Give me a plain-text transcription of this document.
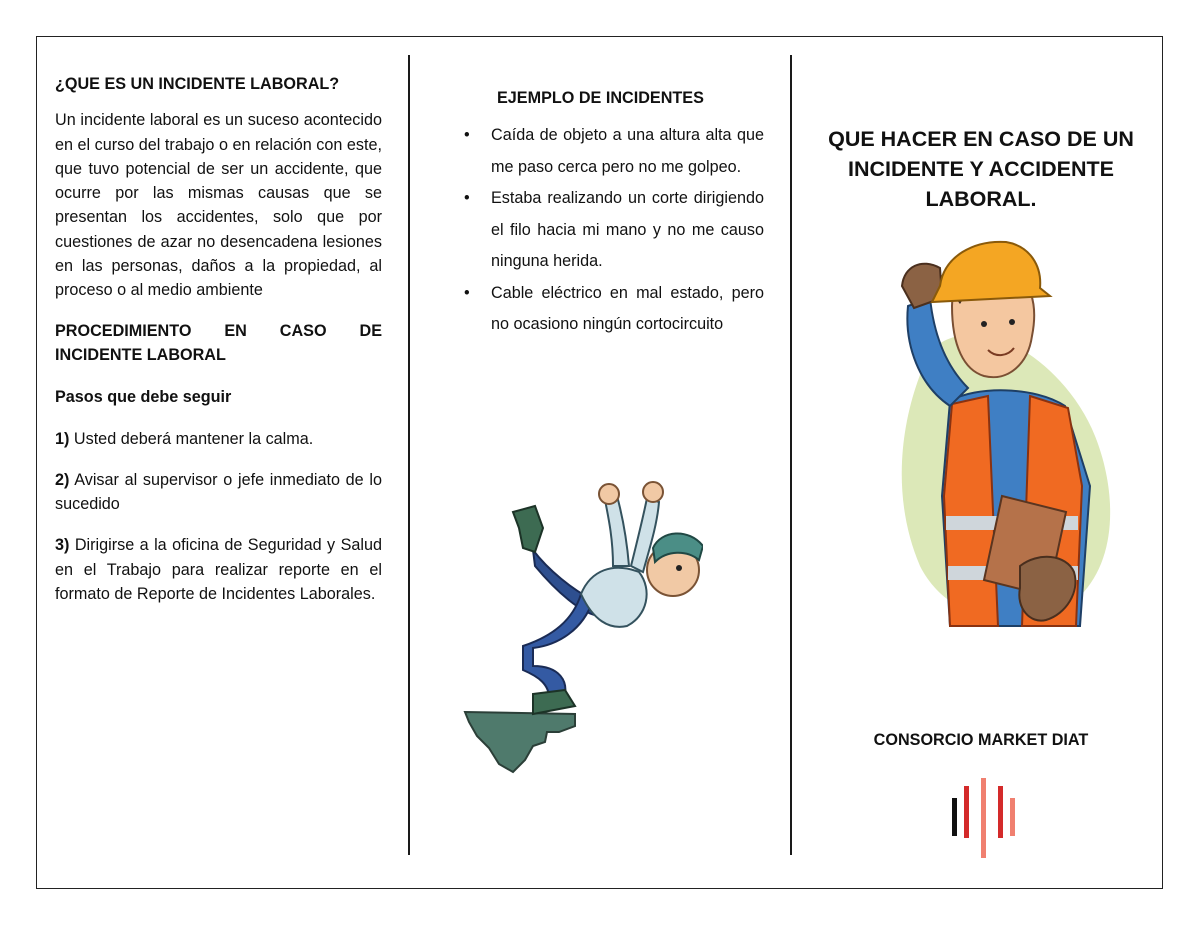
¿QUE ES UN INCIDENTE LABORAL?

Un incidente laboral es un suceso acontecido en el curso del trabajo o en relación con este, que tuvo potencial de ser un accidente, que ocurre por las mismas causas que se presentan los accidentes, solo que por cuestiones de azar no desencadena lesiones en las personas, daños a la propiedad, al proceso o al medio ambiente

PROCEDIMIENTO EN CASO DE INCIDENTE LABORAL

Pasos que debe seguir

1) Usted deberá mantener la calma.

2) Avisar al supervisor o jefe inmediato de lo sucedido

3) Dirigirse a la oficina de Seguridad y Salud en el Trabajo para realizar reporte en el formato de Reporte de Incidentes Laborales.

EJEMPLO DE INCIDENTES
• Caída de objeto a una altura alta que me paso cerca pero no me golpeo.
• Estaba realizando un corte dirigiendo el filo hacia mi mano y no me causo ninguna herida.
• Cable eléctrico en mal estado, pero no ocasiono ningún cortocircuito
QUE HACER EN CASO DE UN INCIDENTE Y ACCIDENTE LABORAL.
CONSORCIO MARKET DIAT
